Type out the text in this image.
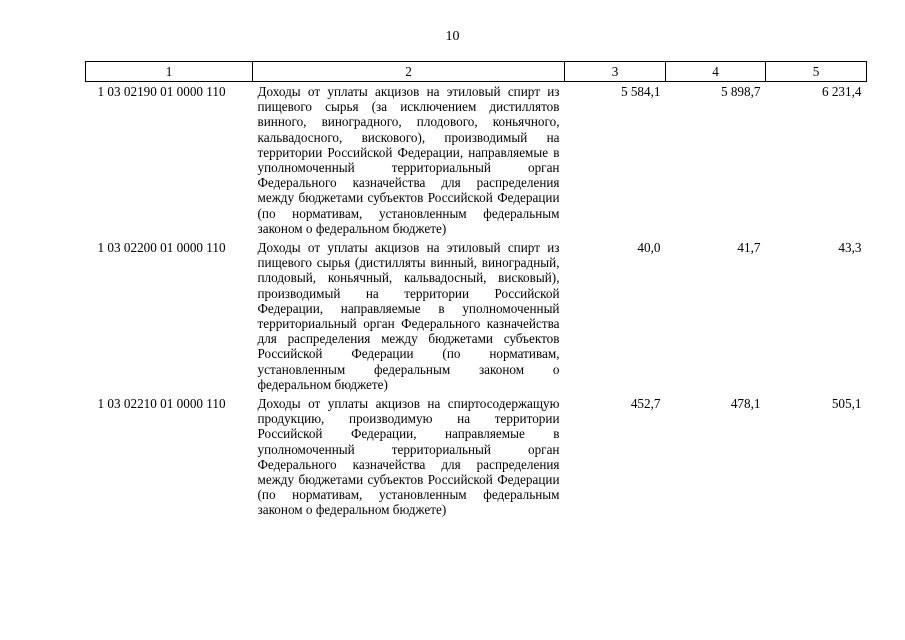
10
1	2	3	4	5
1 03 02190 01 0000 110	Доходы от уплаты акцизов на этиловый спирт из пищевого сырья (за исключением дистиллятов винного, виноградного, плодового, коньячного, кальвадосного, вискового), производимый на территории Российской Федерации, направляемые в уполномоченный территориальный орган Федерального казначейства для распределения между бюджетами субъектов Российской Федерации (по нормативам, установленным федеральным законом о федеральном бюджете)	5 584,1	5 898,7	6 231,4
1 03 02200 01 0000 110	Доходы от уплаты акцизов на этиловый спирт из пищевого сырья (дистилляты винный, виноградный, плодовый, коньячный, кальвадосный, висковый), производимый на территории Российской Федерации, направляемые в уполномоченный территориальный орган Федерального казначейства для распределения между бюджетами субъектов Российской Федерации (по нормативам, установленным федеральным законом о федеральном бюджете)	40,0	41,7	43,3
1 03 02210 01 0000 110	Доходы от уплаты акцизов на спиртосодержащую продукцию, производимую на территории Российской Федерации, направляемые в уполномоченный территориальный орган Федерального казначейства для распределения между бюджетами субъектов Российской Федерации (по нормативам, установленным федеральным законом о федеральном бюджете)	452,7	478,1	505,1
